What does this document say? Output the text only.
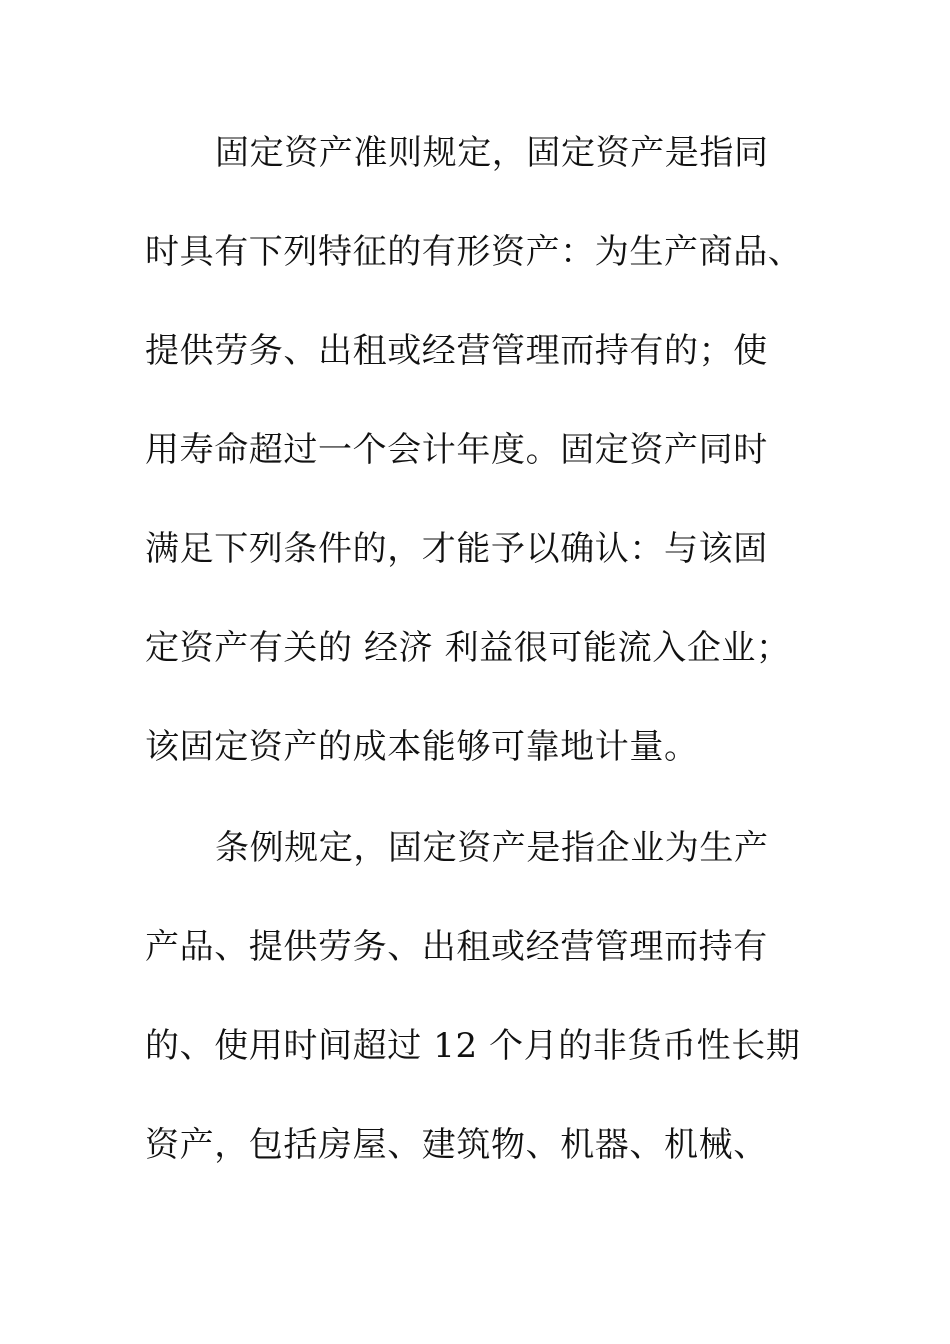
固定资产准则规定，固定资产是指同
时具有下列特征的有形资产：为生产商品、
提供劳务、出租或经营管理而持有的；使
用寿命超过一个会计年度。固定资产同时
满足下列条件的，才能予以确认：与该固
定资产有关的 经济 利益很可能流入企业；
该固定资产的成本能够可靠地计量。
条例规定，固定资产是指企业为生产
产品、提供劳务、出租或经营管理而持有
的、使用时间超过 12 个月的非货币性长期
资产，包括房屋、建筑物、机器、机械、
